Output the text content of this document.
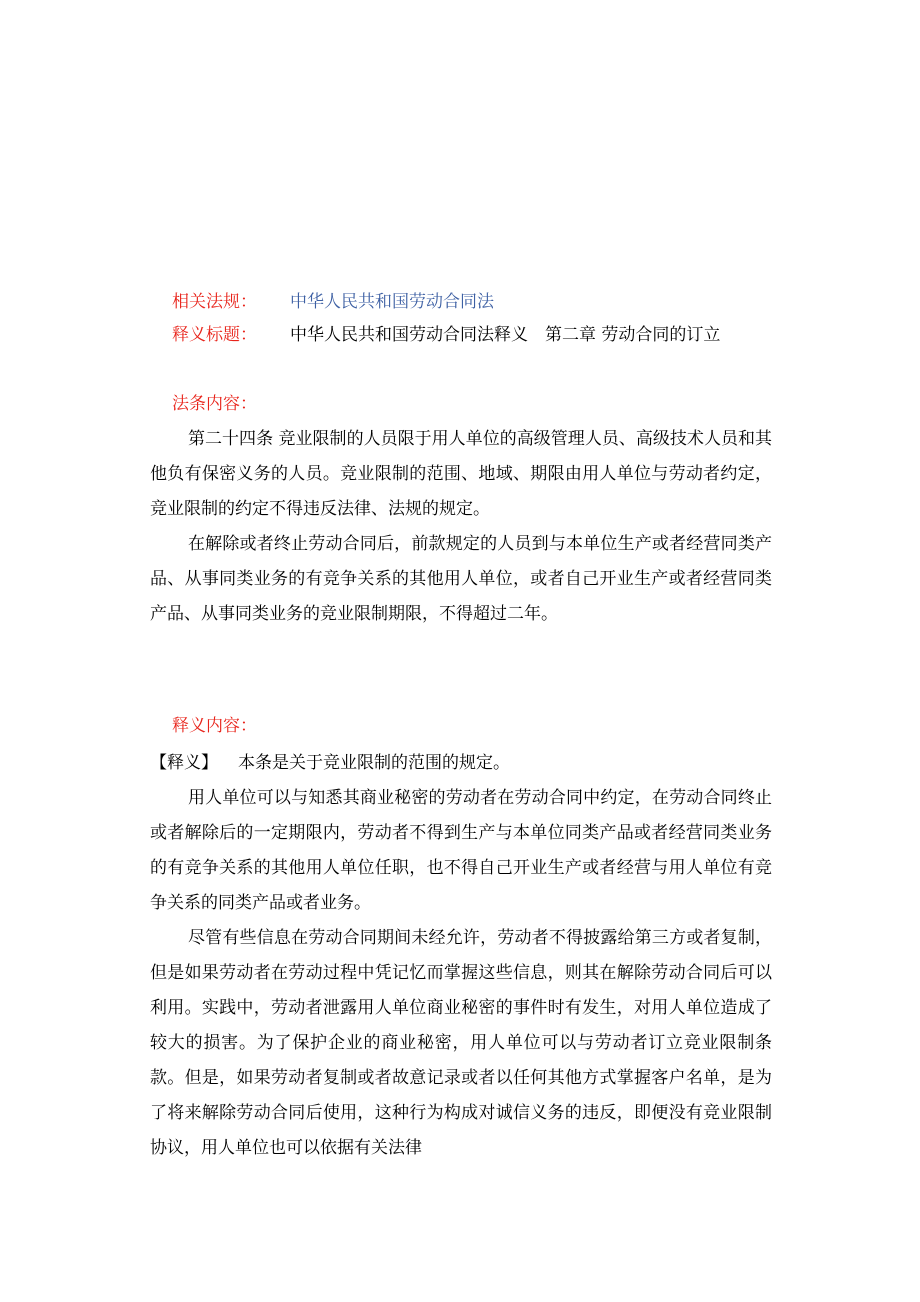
相关法规： 中华人民共和国劳动合同法
释义标题： 中华人民共和国劳动合同法释义　第二章 劳动合同的订立
法条内容：

第二十四条 竞业限制的人员限于用人单位的高级管理人员、高级技术人员和其他负有保密义务的人员。竞业限制的范围、地域、期限由用人单位与劳动者约定，竞业限制的约定不得违反法律、法规的规定。

在解除或者终止劳动合同后，前款规定的人员到与本单位生产或者经营同类产品、从事同类业务的有竞争关系的其他用人单位，或者自己开业生产或者经营同类产品、从事同类业务的竞业限制期限，不得超过二年。

释义内容：

【释义】 本条是关于竞业限制的范围的规定。

用人单位可以与知悉其商业秘密的劳动者在劳动合同中约定，在劳动合同终止或者解除后的一定期限内，劳动者不得到生产与本单位同类产品或者经营同类业务的有竞争关系的其他用人单位任职，也不得自己开业生产或者经营与用人单位有竞争关系的同类产品或者业务。

尽管有些信息在劳动合同期间未经允许，劳动者不得披露给第三方或者复制，但是如果劳动者在劳动过程中凭记忆而掌握这些信息，则其在解除劳动合同后可以利用。实践中，劳动者泄露用人单位商业秘密的事件时有发生，对用人单位造成了较大的损害。为了保护企业的商业秘密，用人单位可以与劳动者订立竞业限制条款。但是，如果劳动者复制或者故意记录或者以任何其他方式掌握客户名单，是为了将来解除劳动合同后使用，这种行为构成对诚信义务的违反，即便没有竞业限制协议，用人单位也可以依据有关法律
